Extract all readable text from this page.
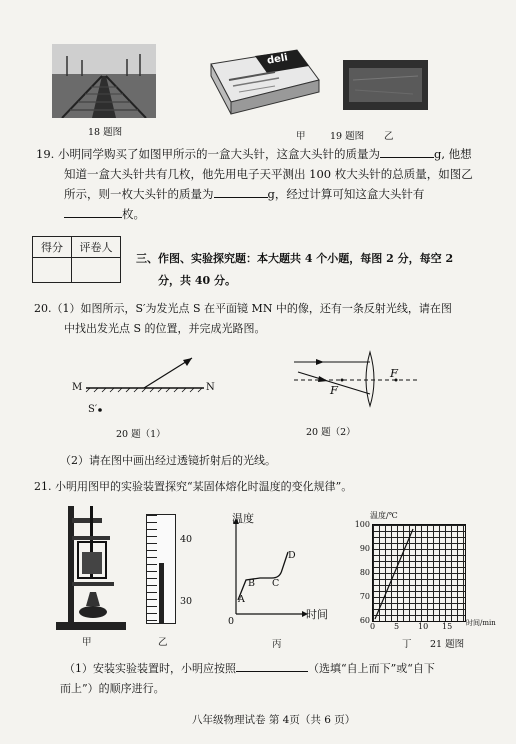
18 题图
deli
甲	19 题图 乙
19. 小明同学购买了如图甲所示的一盒大头针，这盒大头针的质量为	g, 他想
知道一盒大头针共有几枚，他先用电子天平测出 100 枚大头针的总质量，如图乙
所示，则一枚大头针的质量为	g，经过计算可知这盒大头针有
枚。
得分	评卷人

三、作图、实验探究题：本大题共 4 个小题，每图 2 分，每空 2
分，共 40 分。
20.（1）如图所示，S′为发光点 S 在平面镜 MN 中的像，还有一条反射光线，请在图
中找出发光点 S 的位置，并完成光路图。
M	N
S′
20 题（1）
F
F
20 题（2）
（2）请在图中画出经过透镜折射后的光线。
21. 小明用图甲的实验装置探究“某固体熔化时温度的变化规律”。
甲
40
30
乙
温度
时间
0
A
B C
D
丙
温度/℃
100
90
80
70
60
0 5 10 15 时间/min
丁 21 题图
（1）安装实验装置时，小明应按照	（选填“自上而下”或“自下
而上”）的顺序进行。
八年级物理试卷 第 4页（共 6 页）
